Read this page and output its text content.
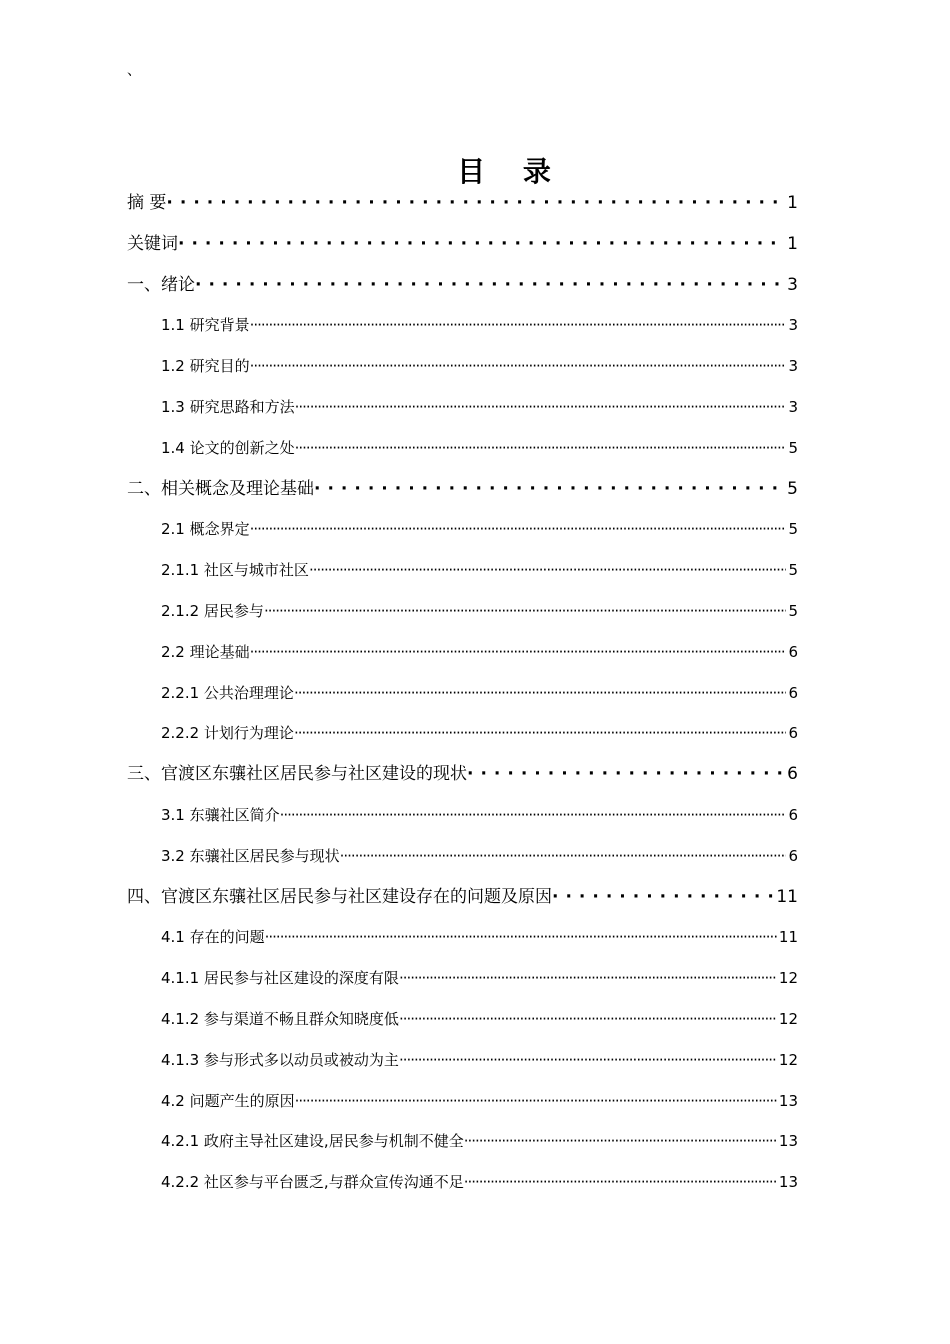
、
目 录
摘 要 ·····	1
关键词 ·····	1
一、绪论 ·····	3
1.1 研究背景 ·····	3
1.2 研究目的 ·····	3
1.3 研究思路和方法 ·····	3
1.4 论文的创新之处 ·····	5
二、相关概念及理论基础 ·····	5
2.1 概念界定 ·····	5
2.1.1 社区与城市社区 ·····	5
2.1.2 居民参与 ·····	5
2.2 理论基础 ·····	6
2.2.1 公共治理理论 ·····	6
2.2.2 计划行为理论 ·····	6
三、官渡区东骧社区居民参与社区建设的现状 ·····	6
3.1 东骧社区简介 ·····	6
3.2 东骧社区居民参与现状 ·····	6
四、官渡区东骧社区居民参与社区建设存在的问题及原因 ·····	11
4.1 存在的问题 ·····	11
4.1.1 居民参与社区建设的深度有限 ·····	12
4.1.2 参与渠道不畅且群众知晓度低 ·····	12
4.1.3 参与形式多以动员或被动为主 ·····	12
4.2 问题产生的原因 ·····	13
4.2.1 政府主导社区建设,居民参与机制不健全 ·····	13
4.2.2 社区参与平台匮乏,与群众宣传沟通不足 ·····	13
